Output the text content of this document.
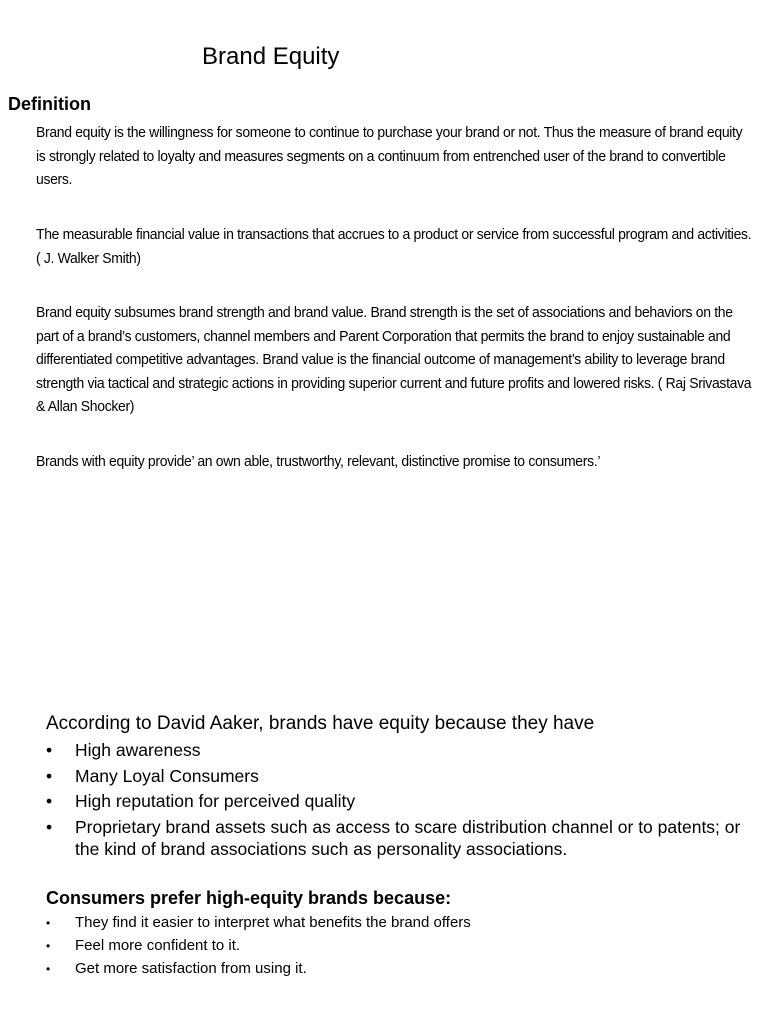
Brand Equity
Definition

Brand equity is the willingness for someone to continue to purchase your brand or not. Thus the measure of brand equity is strongly related to loyalty and measures segments on a continuum from entrenched user of the brand to convertible users.

The measurable financial value in transactions that accrues to a product or service from successful program and activities.( J. Walker Smith)

Brand equity subsumes brand strength and brand value. Brand strength is the set of associations and behaviors on the part of a brand’s customers, channel members and Parent Corporation that permits the brand to enjoy sustainable and differentiated competitive advantages. Brand value is the financial outcome of management’s ability to leverage brand strength via tactical and strategic actions in providing superior current and future profits and lowered risks. ( Raj Srivastava & Allan Shocker)

Brands with equity provide’ an own able, trustworthy, relevant, distinctive promise to consumers.’

According to David Aaker, brands have equity because they have
• High awareness
• Many Loyal Consumers
• High reputation for perceived quality
• Proprietary brand assets such as access to scare distribution channel or to patents; or the kind of brand associations such as personality associations.
Consumers prefer high-equity brands because:
• They find it easier to interpret what benefits the brand offers
• Feel more confident to it.
• Get more satisfaction from using it.
